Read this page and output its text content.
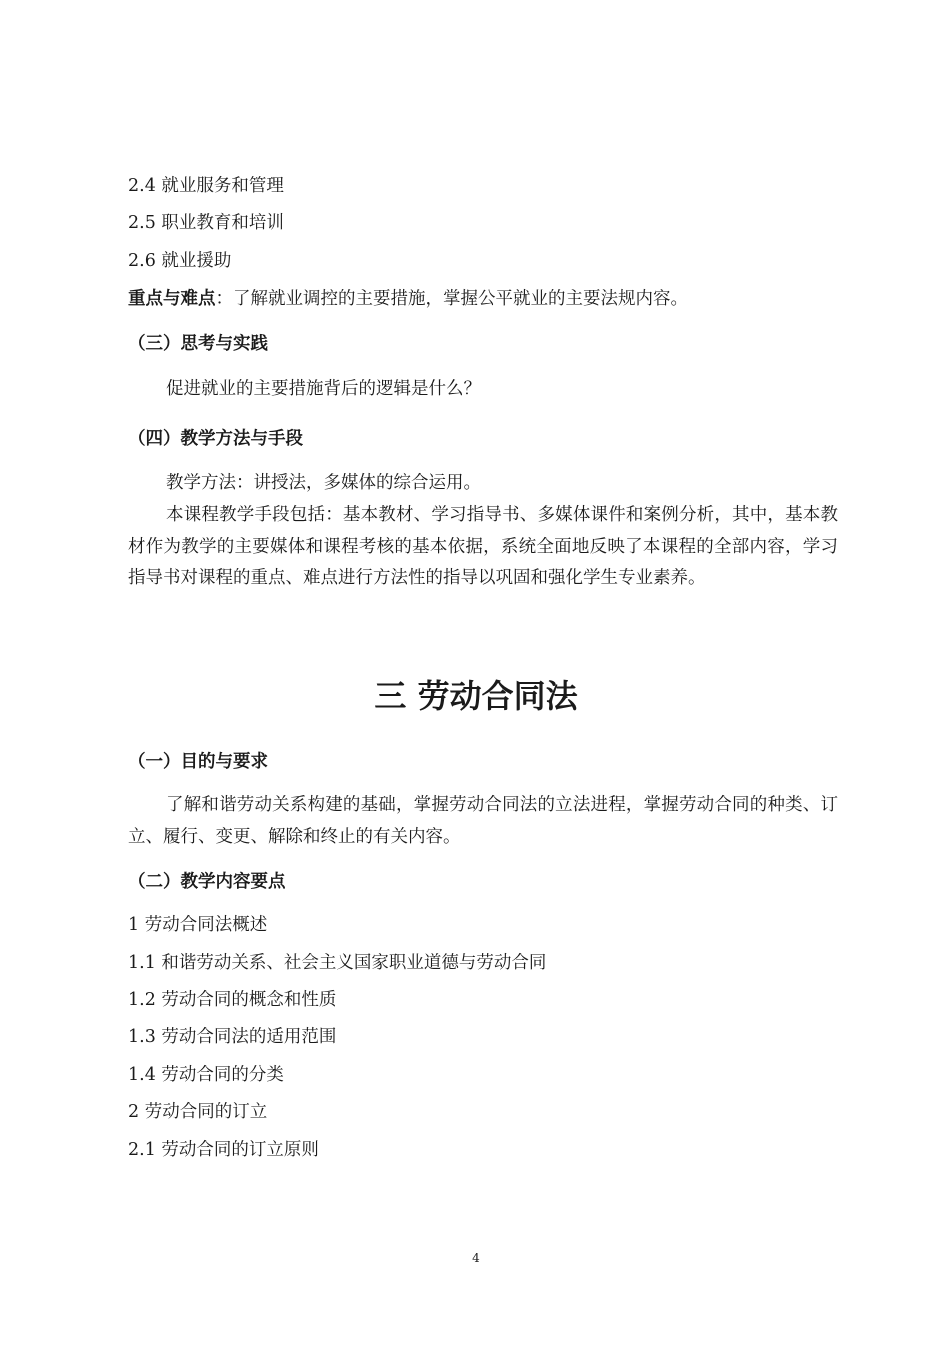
2.4 就业服务和管理
2.5 职业教育和培训
2.6 就业援助
重点与难点：了解就业调控的主要措施，掌握公平就业的主要法规内容。
（三）思考与实践
促进就业的主要措施背后的逻辑是什么？
（四）教学方法与手段
教学方法：讲授法，多媒体的综合运用。
本课程教学手段包括：基本教材、学习指导书、多媒体课件和案例分析，其中，基本教材作为教学的主要媒体和课程考核的基本依据，系统全面地反映了本课程的全部内容，学习指导书对课程的重点、难点进行方法性的指导以巩固和强化学生专业素养。
三 劳动合同法
（一）目的与要求
了解和谐劳动关系构建的基础，掌握劳动合同法的立法进程，掌握劳动合同的种类、订立、履行、变更、解除和终止的有关内容。
（二）教学内容要点
1 劳动合同法概述
1.1 和谐劳动关系、社会主义国家职业道德与劳动合同
1.2 劳动合同的概念和性质
1.3 劳动合同法的适用范围
1.4 劳动合同的分类
2 劳动合同的订立
2.1 劳动合同的订立原则
4
